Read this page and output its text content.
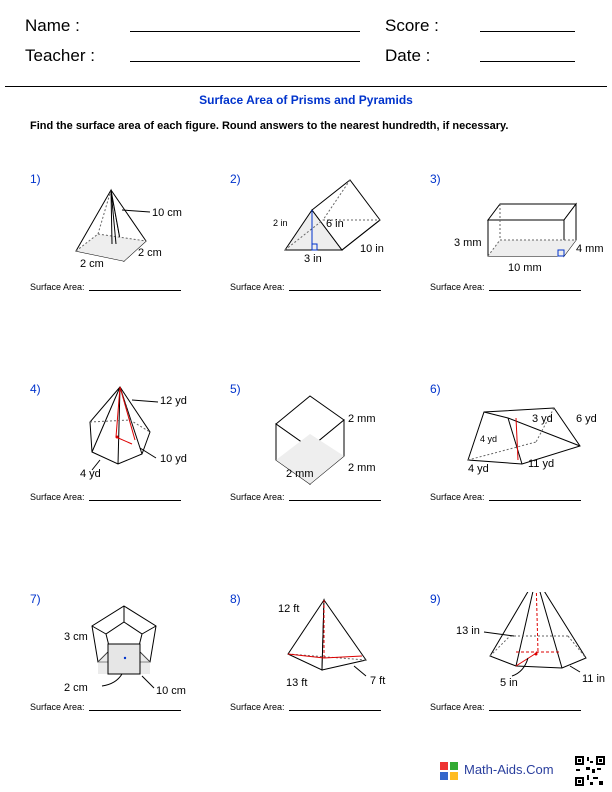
Name :	Score :
Teacher :	Date :
Surface Area of Prisms and Pyramids
Find the surface area of each figure. Round answers to the nearest hundredth, if necessary.
1)
10 cm
2 cm
2 cm
Surface Area:
2)
2 in	6 in
10 in
3 in
Surface Area:
3)
3 mm	4 mm
10 mm
Surface Area:
4)
12 yd
10 yd
4 yd
Surface Area:
5)
2 mm
2 mm	2 mm
Surface Area:
6)
3 yd 6 yd
4 yd
4 yd	11 yd
Surface Area:
7)
3 cm
2 cm	10 cm
Surface Area:
8)
12 ft
13 ft	7 ft
Surface Area:
9)
13 in
5 in	11 in
Surface Area:
Math-Aids.Com
